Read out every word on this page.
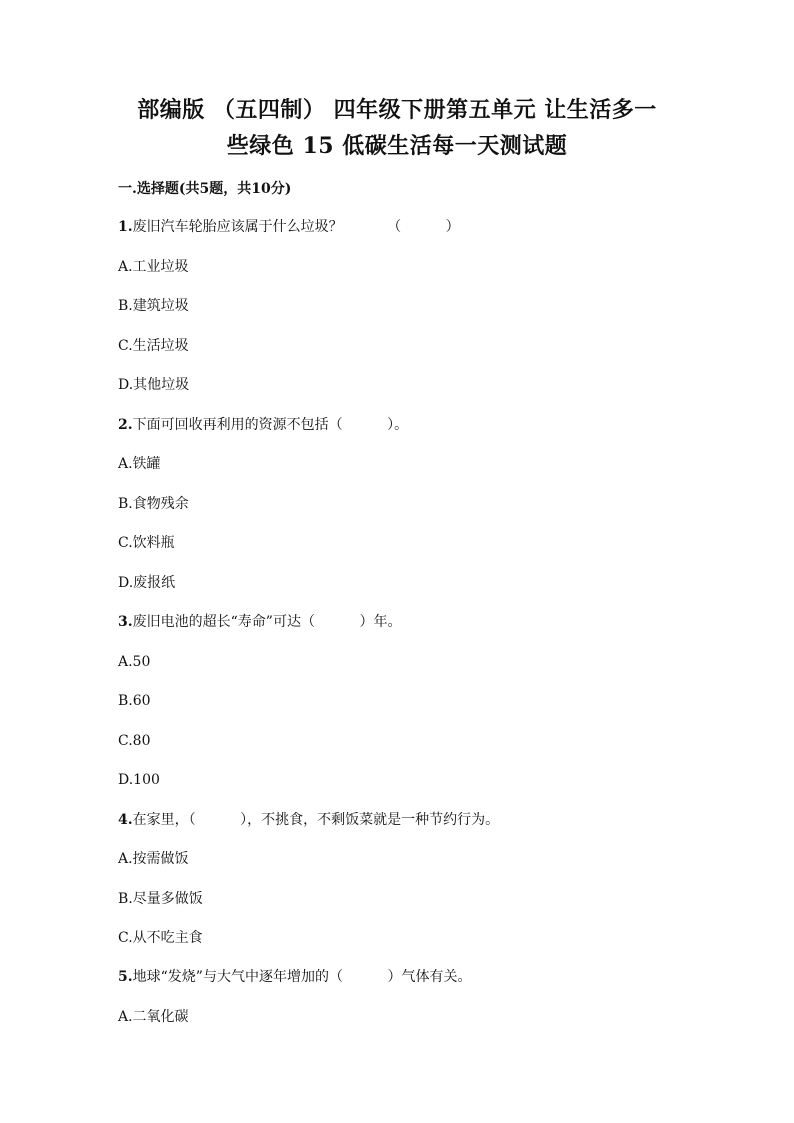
部编版 （五四制） 四年级下册第五单元 让生活多一
些绿色 15 低碳生活每一天测试题
一.选择题(共5题，共10分)
1.废旧汽车轮胎应该属于什么垃圾？          （          ）
A.工业垃圾
B.建筑垃圾
C.生活垃圾
D.其他垃圾
2.下面可回收再利用的资源不包括（          ）。
A.铁罐
B.食物残余
C.饮料瓶
D.废报纸
3.废旧电池的超长“寿命”可达（          ）年。
A.50
B.60
C.80
D.100
4.在家里，（          ），不挑食，不剩饭菜就是一种节约行为。
A.按需做饭
B.尽量多做饭
C.从不吃主食
5.地球“发烧”与大气中逐年增加的（          ）气体有关。
A.二氧化碳
